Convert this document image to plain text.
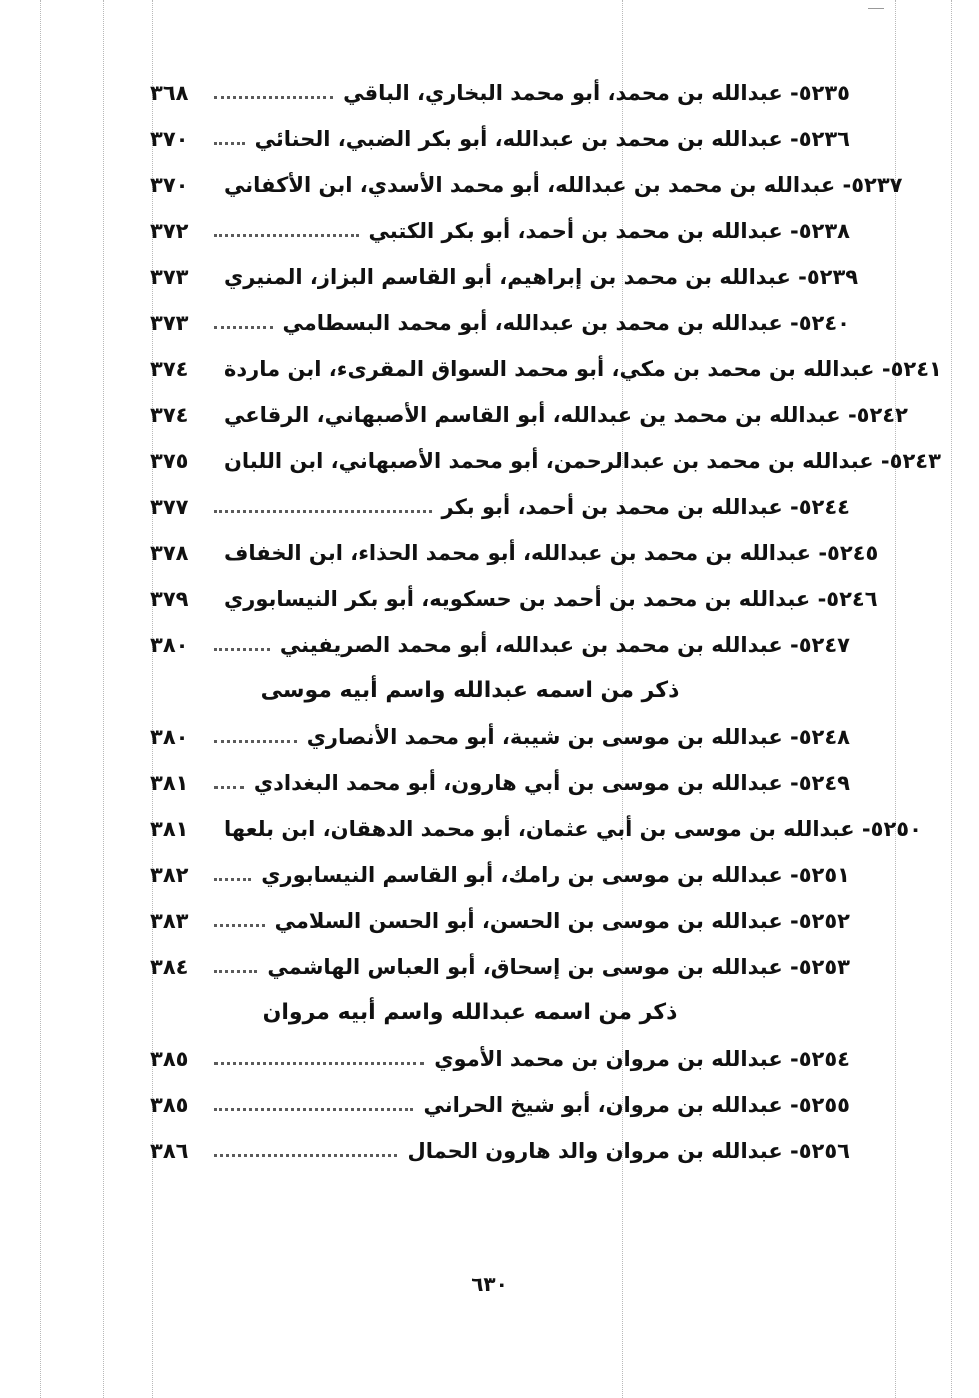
٣٦٨	٥٢٣٥- عبدالله بن محمد، أبو محمد البخاري، الباقي
٣٧٠	٥٢٣٦- عبدالله بن محمد بن عبدالله، أبو بكر الضبي، الحنائي
٣٧٠	٥٢٣٧- عبدالله بن محمد بن عبدالله، أبو محمد الأسدي، ابن الأكفاني
٣٧٢	٥٢٣٨- عبدالله بن محمد بن أحمد، أبو بكر الكتبي
٣٧٣	٥٢٣٩- عبدالله بن محمد بن إبراهيم، أبو القاسم البزاز، المنيري
٣٧٣	٥٢٤٠- عبدالله بن محمد بن عبدالله، أبو محمد البسطامي
٣٧٤	٥٢٤١- عبدالله بن محمد بن مكي، أبو محمد السواق المقرىء، ابن ماردة
٣٧٤	٥٢٤٢- عبدالله بن محمد ين عبدالله، أبو القاسم الأصبهاني، الرقاعي
٣٧٥	٥٢٤٣- عبدالله بن محمد بن عبدالرحمن، أبو محمد الأصبهاني، ابن اللبان
٣٧٧	٥٢٤٤- عبدالله بن محمد بن أحمد، أبو بكر
٣٧٨	٥٢٤٥- عبدالله بن محمد بن عبدالله، أبو محمد الحذاء، ابن الخفاف
٣٧٩	٥٢٤٦- عبدالله بن محمد بن أحمد بن حسكويه، أبو بكر النيسابوري
٣٨٠	٥٢٤٧- عبدالله بن محمد بن عبدالله، أبو محمد الصريفيني
ذكر من اسمه عبدالله واسم أبيه موسى
٣٨٠	٥٢٤٨- عبدالله بن موسى بن شيبة، أبو محمد الأنصاري
٣٨١	٥٢٤٩- عبدالله بن موسى بن أبي هارون، أبو محمد البغدادي
٣٨١	٥٢٥٠- عبدالله بن موسى بن أبي عثمان، أبو محمد الدهقان، ابن بلعها
٣٨٢	٥٢٥١- عبدالله بن موسى بن رامك، أبو القاسم النيسابوري
٣٨٣	٥٢٥٢- عبدالله بن موسى بن الحسن، أبو الحسن السلامي
٣٨٤	٥٢٥٣- عبدالله بن موسى بن إسحاق، أبو العباس الهاشمي
ذكر من اسمه عبدالله واسم أبيه مروان
٣٨٥	٥٢٥٤- عبدالله بن مروان بن محمد الأموي
٣٨٥	٥٢٥٥- عبدالله بن مروان، أبو شيخ الحراني
٣٨٦	٥٢٥٦- عبدالله بن مروان والد هارون الحمال
٦٣٠
